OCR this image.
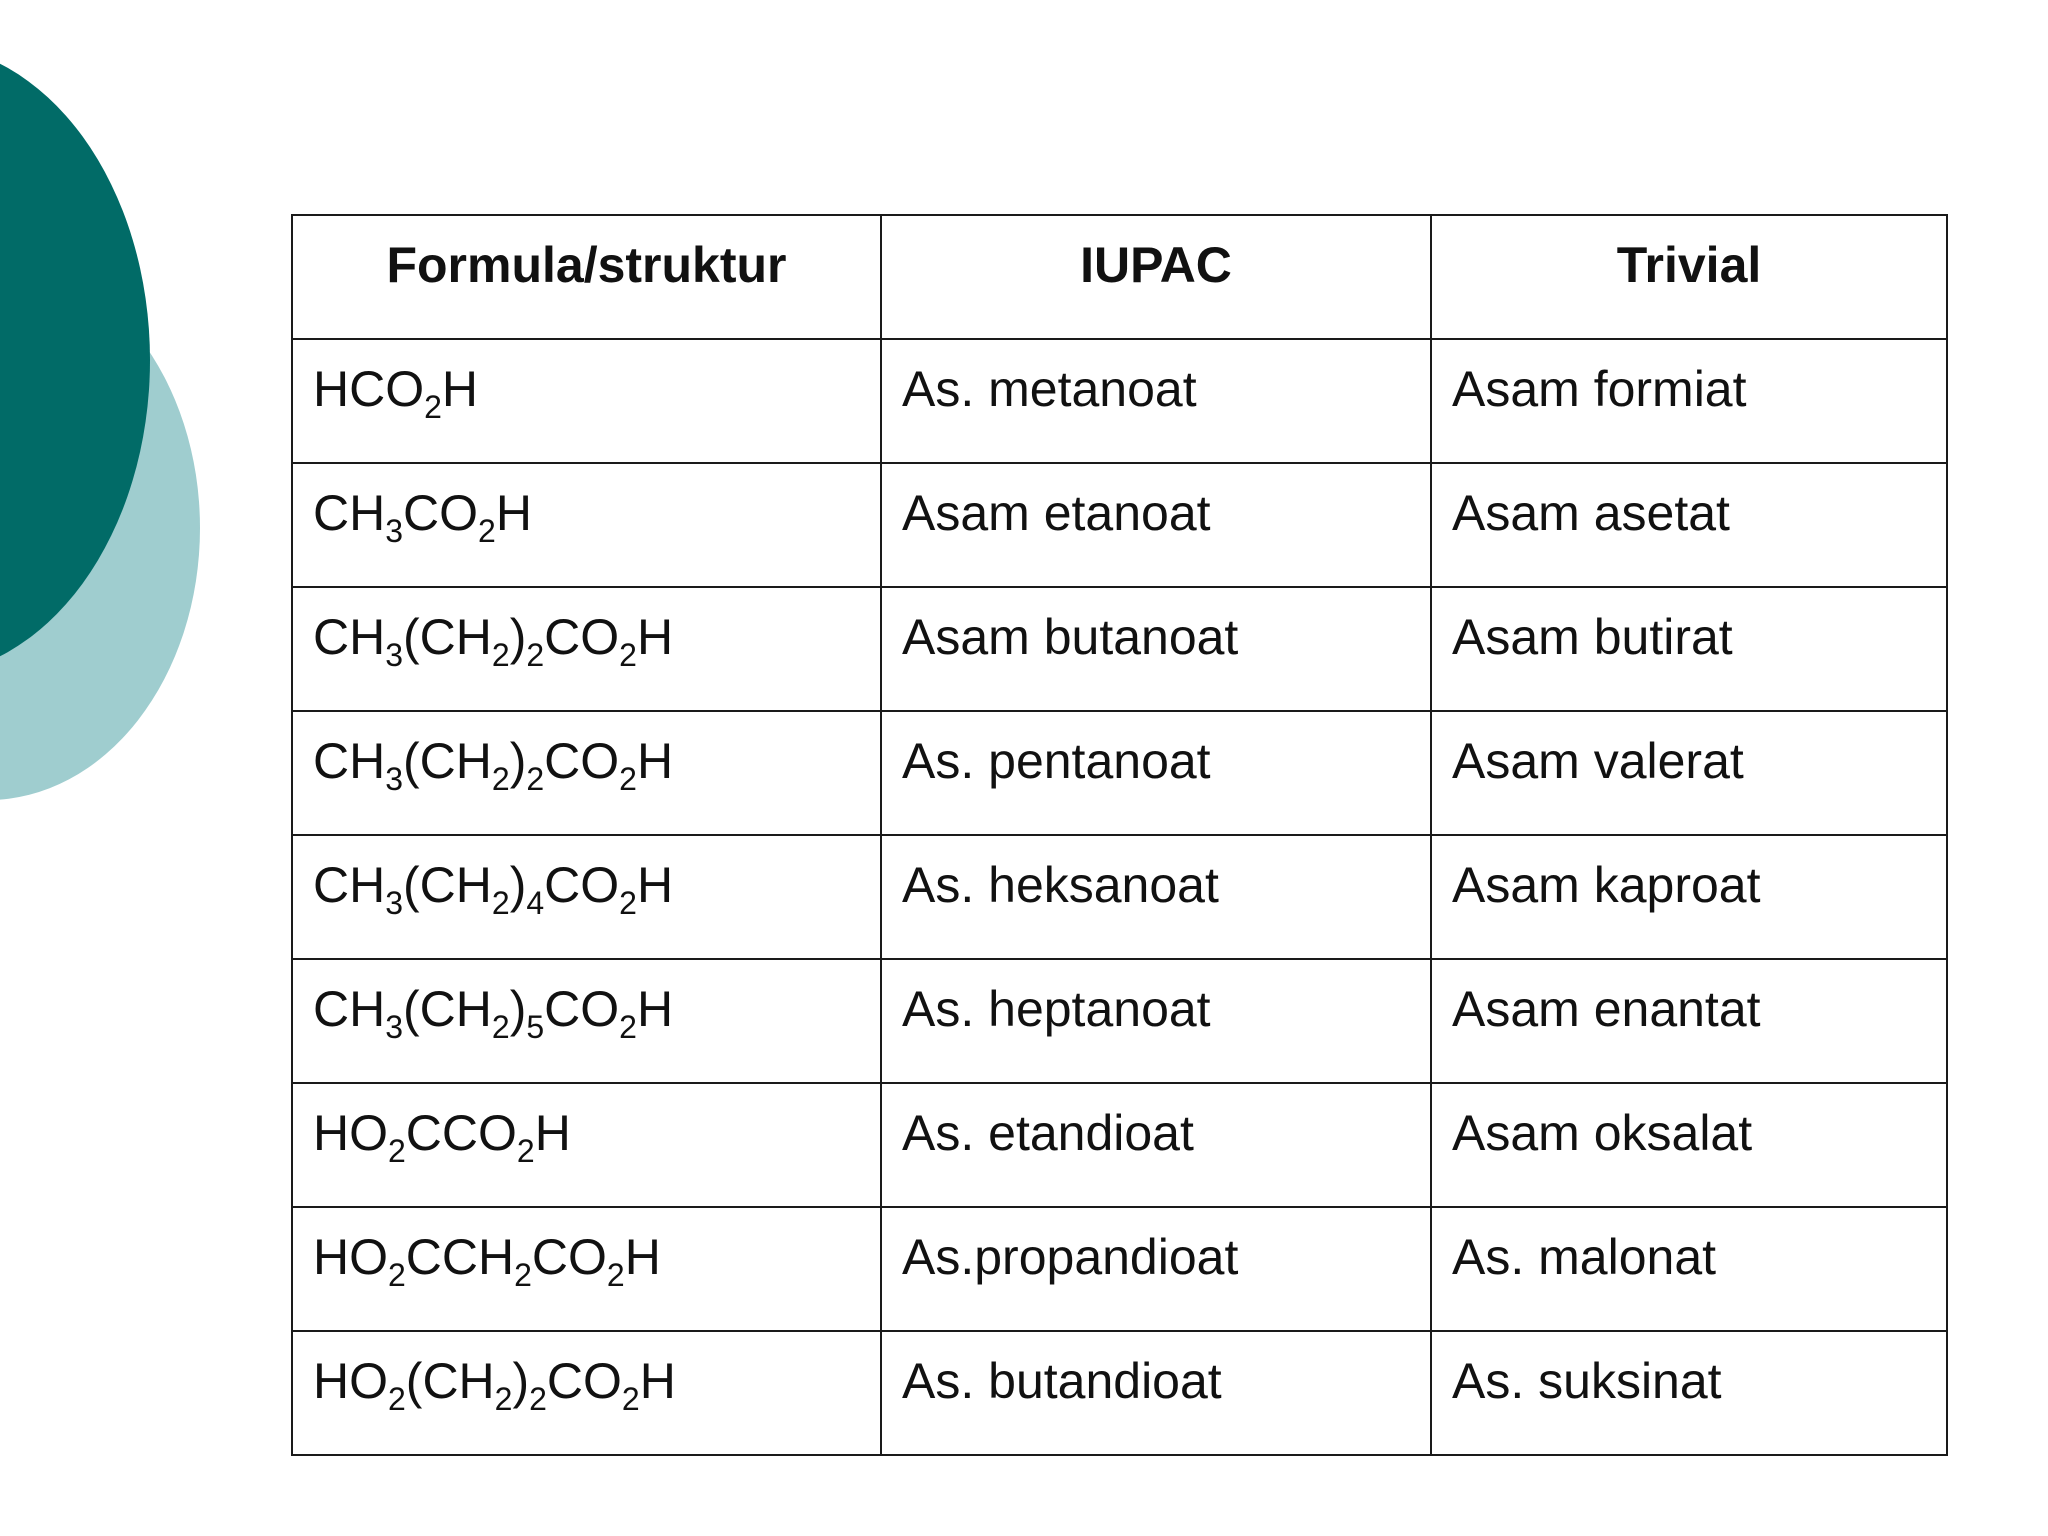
Formula/struktur	IUPAC	Trivial
$HCO_2H$	As. metanoat	Asam formiat
$CH_3CO_2H$	Asam etanoat	Asam asetat
$CH_3(CH_2)_2CO_2H$	Asam butanoat	Asam butirat
$CH_3(CH_2)_2CO_2H$	As. pentanoat	Asam valerat
$CH_3(CH_2)_4CO_2H$	As. heksanoat	Asam kaproat
$CH_3(CH_2)_5CO_2H$	As. heptanoat	Asam enantat
$HO_2CCO_2H$	As. etandioat	Asam oksalat
$HO_2CCH_2CO_2H$	As.propandioat	As. malonat
$HO_2(CH_2)_2CO_2H$	As. butandioat	As. suksinat
